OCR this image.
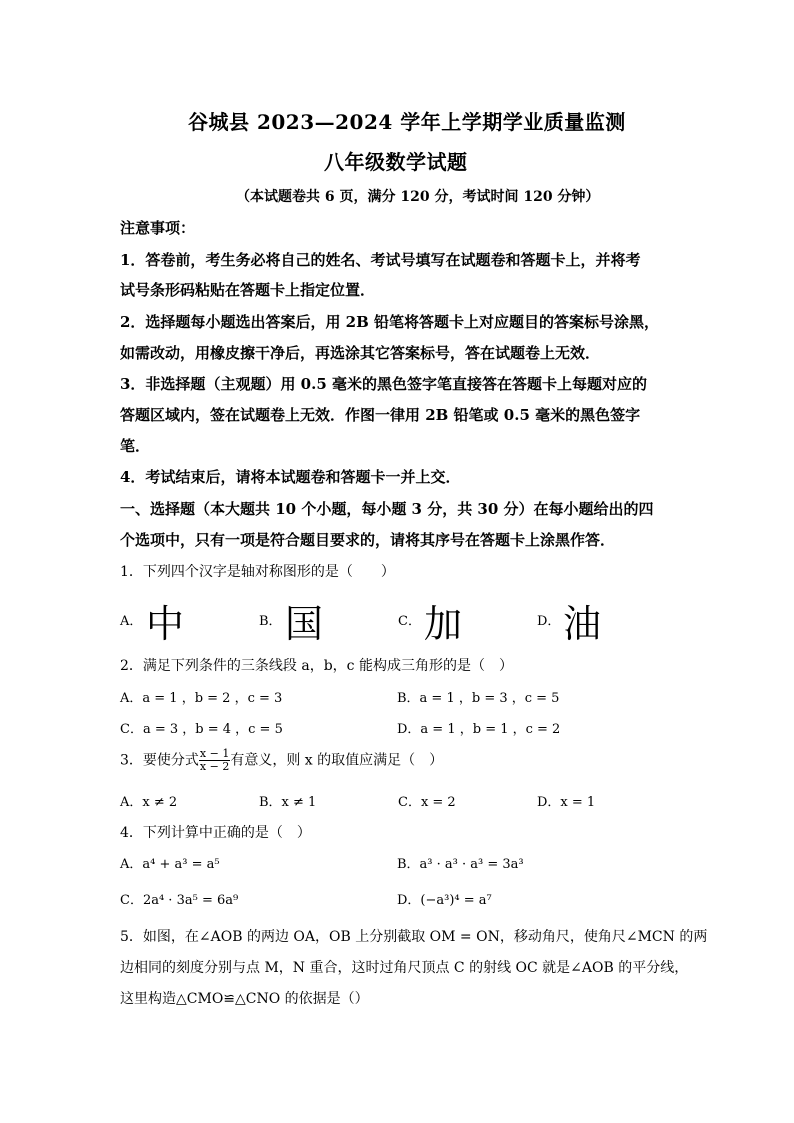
谷城县 2023—2024 学年上学期学业质量监测
八年级数学试题
（本试题卷共 6 页，满分 120 分，考试时间 120 分钟）
注意事项：
1．答卷前，考生务必将自己的姓名、考试号填写在试题卷和答题卡上，并将考
试号条形码粘贴在答题卡上指定位置．
2．选择题每小题选出答案后，用 2B 铅笔将答题卡上对应题目的答案标号涂黑，
如需改动，用橡皮擦干净后，再选涂其它答案标号，答在试题卷上无效．
3．非选择题（主观题）用 0.5 毫米的黑色签字笔直接答在答题卡上每题对应的
答题区域内，签在试题卷上无效．作图一律用 2B 铅笔或 0.5 毫米的黑色签字
笔．
4．考试结束后，请将本试题卷和答题卡一并上交．
一、选择题（本大题共 10 个小题，每小题 3 分，共 30 分）在每小题给出的四
个选项中，只有一项是符合题目要求的，请将其序号在答题卡上涂黑作答．
1．下列四个汉字是轴对称图形的是（　　）
A． 中	B． 国	C． 加	D． 油
2．满足下列条件的三条线段 a，b，c 能构成三角形的是（　）
A．a = 1 ，b = 2 ，c = 3	B．a = 1 ，b = 3 ，c = 5
C．a = 3 ，b = 4 ，c = 5	D．a = 1 ，b = 1 ，c = 2
3．要使分式 $\frac{x - 1}{x - 2}$ 有意义，则 x 的取值应满足（　）
A．x ≠ 2	B．x ≠ 1	C．x = 2	D．x = 1
4．下列计算中正确的是（　）
A．a⁴ + a³ = a⁵	B．a³ · a³ · a³ = 3a³
C．2a⁴ · 3a⁵ = 6a⁹	D．(−a³)⁴ = a⁷
5．如图，在∠AOB 的两边 OA，OB 上分别截取 OM = ON，移动角尺，使角尺∠MCN 的两
边相同的刻度分别与点 M，N 重合，这时过角尺顶点 C 的射线 OC 就是∠AOB 的平分线，
这里构造△CMO≌△CNO 的依据是（）
